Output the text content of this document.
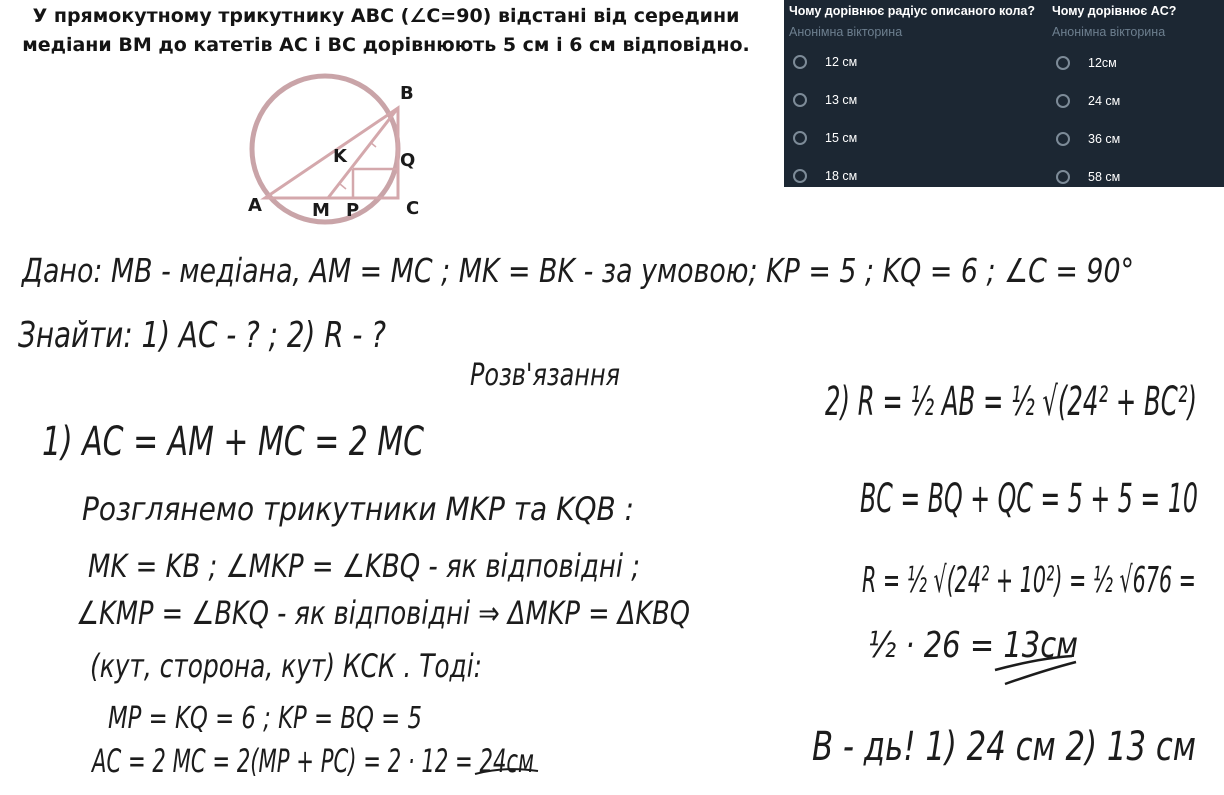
У прямокутному трикутнику ABC (∠C=90) відстані від середини
медіани BM до катетів AC і BC дорівнюють 5 см і 6 см відповідно.
B
K	Q
A	M P	C
Чому дорівнює радіус описаного кола?
Анонімна вікторина
12 см
13 см
15 см
18 см
Чому дорівнює AC?
Анонімна вікторина
12см
24 см
36 см
58 см
Дано: MB - медіана, AM = MC ; MK = BK - за умовою; KP = 5 ; KQ = 6 ; ∠C = 90°
Знайти: 1) AC - ? ; 2) R - ?
Розв'язання
1) AC = AM + MC = 2 MC
Розглянемо трикутники MKP та KQB :
MK = KB ; ∠MKP = ∠KBQ - як відповідні ;
∠KMP = ∠BKQ - як відповідні ⇒ ΔMKP = ΔKBQ
(кут, сторона, кут) КСК . Тоді:
MP = KQ = 6 ; KP = BQ = 5
AC = 2 MC = 2(MP + PC) = 2 · 12 = 24см
2) R = ½ AB = ½ √(24² + BC²)
BC = BQ + QC = 5 + 5 = 10
R = ½ √(24² + 10²) = ½ √676 =
½ · 26 = 13см
В - дь! 1) 24 см 2) 13 см
